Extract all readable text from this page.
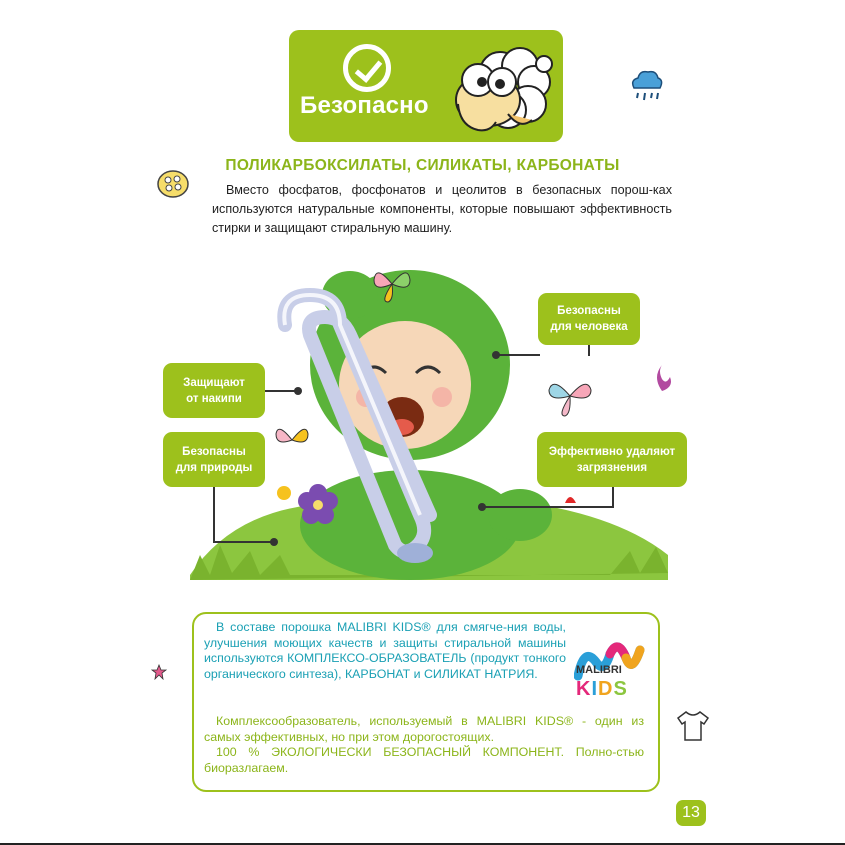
Безопасно
ПОЛИКАРБОКСИЛАТЫ, СИЛИКАТЫ, КАРБОНАТЫ

Вместо фосфатов, фосфонатов и цеолитов в безопасных порош-ках используются натуральные компоненты, которые повышают эффективность стирки и защищают стиральную машину.

Безопасны
для человека
Защищают
от накипи
Безопасны
для природы
Эффективно удаляют
загрязнения

В составе порошка MALIBRI KIDS® для смягче-ния воды, улучшения моющих качеств и защиты стиральной машины используются КОМПЛЕКСО-ОБРАЗОВАТЕЛЬ (продукт тонкого органического синтеза), КАРБОНАТ и СИЛИКАТ НАТРИЯ.

Комплексообразователь, используемый в MALIBRI KIDS® - один из самых эффективных, но при этом дорогостоящих.

100 % ЭКОЛОГИЧЕСКИ БЕЗОПАСНЫЙ КОМПОНЕНТ. Полно-стью биоразлагаем.

MALIBRI
KIDS
13
